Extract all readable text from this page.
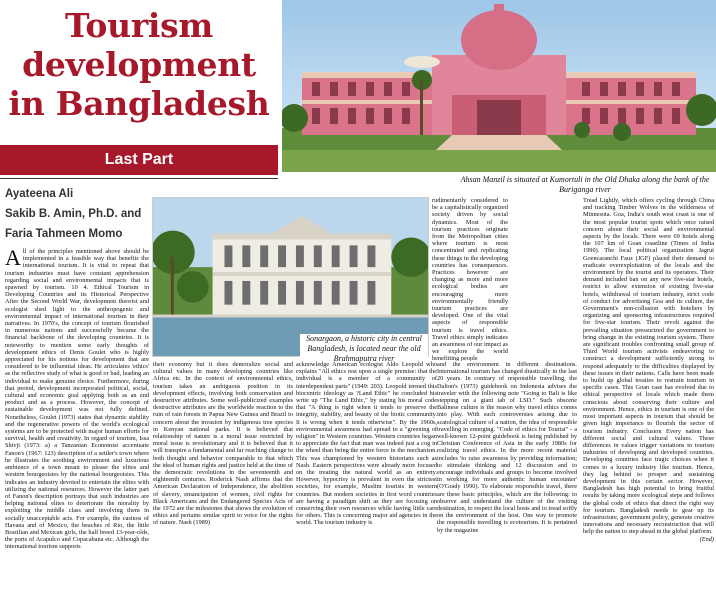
Tourism development in Bangladesh
Last Part
Ayateena Ali
Sakib B. Amin, Ph.D. and
Faria Tahmeen Momo
Ahsan Manzil is situated at Kumortuli in the Old Dhaka along the bank of the Buriganga river
Sonargaon, a historic city in central Bangladesh, is located near the old Brahmaputra river

All of the principles mentioned above should be implemented in a feasible way that benefits the international tourism. It is vital to repeat that tourism industries must have constant apprehension regarding social and environmental impacts that is spawned by tourism. 10 4. Ethical Tourism in Developing Countries and its Historical Perspective After the Second World War, development theorist and ecologist shed light to the anthropogenic and environmental impact of international tourism in their narratives. In 1970's, the concept of tourism flourished in numerous nations and successfully became the financial backbone of the developing countries. It is noteworthy to mention some early thoughts of development ethics of Denis Goulet who is highly appreciated for his notions for development that are considered to be influential ideas. He articulates 'ethics' as the reflective study of what is good or bad, leading an individual to make genuine choice. Furthermore, during that period, development incorporated political, social, cultural and economic goal applying both as an end product and as a process. However, the concept of sustainable development was not fully defined. Nonetheless, Goulet (1973) states that dynamic stability and the regenerative powers of the world's ecological systems are to be protected with major human efforts for survival, health and creativity. In regard of tourism, Issa Shivji (1973: a) a Tanzanian Economist accentuate Fanon's (1967: 123) description of a settler's town where he illustrates the soothing environment and luxurious ambience of a town meant to please the elites and western bourgeoisies by the national bourgeoisies. This indicates an industry devoted to entertain the elites with utilizing the national resources. However the latter part of Fanon's description portrays that such industries are helping national elites to deteriorate the morality by exploiting the middle class and involving them in socially unacceptable acts. For example, the casinos of Havana and of Mexico, the beaches of Rio, the little Brazilian and Mexican girls, the half breed 13-year-olds, the ports of Acapulco and Copacabana etc. Although the international tourism supports

their economy but it does demoralize social and cultural values in many developing countries like Africa etc. In the context of environmental ethics, tourism takes an ambiguous position in its development effects, involving both conservation and destructive attributes. Some well-publicized examples destructive attributes are the worldwide reaction to the ruin of rain forests in Papua New Guinea and Brazil to concern about the invasion by indigenous tree species in Kenyan national parks. It is believed that relationship of nature is a moral issue restricted by moral issue is revolutionary and it is believed that it will transpire a fundamental and far reaching change to both thought and behavior comparable to that which the ideal of human rights and justice held at the time of the democratic revolutions in the seventeenth and eighteenth centuries. Roderick Nash affirms that the American Declaration of Independence, the abolition of slavery, emancipation of women, civil rights for Black Americans and the Endangered Species Acts of the 1972 are the milestones that shows the evolution of ethics and pertains similar spirit to voice for the rights of nature. Nash (1989)

acknowledge American ecologist Aldo Leopold who explains "All ethics rest upon a single premise: that the individual is a member of a community of interdependent parts" (1949: 203). Leopold termed this biocentric ideology as ?Land Ethic" he concluded his write up "The Land Ethic," by stating his moral code that "A thing is right when it tends to preserve the integrity, stability, and beauty of the biotic community. It is wrong when it tends otherwise". By the 1960s, environmental awareness had spread to a "greening of religion" in Western countries. Western countries began to appreciate the fact that man was indeed just a cog in the wheel than being the entire force in the mechanism. This was championed by western historians such as Nash. Eastern perspectives were already more focused on the treating the natural world as an entirety. However, hypocrisy is prevalent in even the strictest societies, for example, Muslim tourists in western countries. But modern societies in first word countries are having a paradigm shift as they are focusing on conserving their own resources while having little care for others. This is concerning major aid agencies in the world. The tourism industry is

rudimentarily considered to be a capitalistically organized society driven by social dynamics. Most of the tourism practices originate from the Metropolitan cities where tourism is most concentrated and replicating these things in the developing countries has consequences. Practices however are changing as more and more ecological bodies are encouraging more environmentally friendly tourism practices are developed. One of the vital aspects of responsible tourism is travel ethics. Travel ethics simply indicates an awareness of our impact as we explore the world benefitting people

and the environment in different destinations. International tourism has changed drastically in the last 20 years. In contrary of responsible travelling, the Dalton's (1973) guidebook on Indonesia advises the traveler with the following note "Going to Bali is like stepping on a giant tab of LSD." Such obscene Balinese culture is the reason why travel ethics comes into play. With such controversies arising due to scatological culture of a nation, the idea of responsible travelling in emerging. "Code of ethics for Tourist" - a well-known 12-point guidebook is being published by Christian Conference of Asia in the early 1980s for realizing travel ethics. In the more recent material includes 'to raise awareness by providing information; to stimulate thinking and 12 discussion and to encourage individuals and groups to become involved in working for more authentic human encounter' (O'Grady 1990). To elaborate responsible travel, there are these basic principles, which are the following: to observe and understand the culture of the visiting destination, to respect the local hosts and to tread softly on the environment of the host. One way to promote the responsible travelling is ecotourism. It is pertained by the magazine

Tread Lightly, which offers cycling through China and tracking Timber Wolves in the wilderness of Minnesota. Goa, India's south west coast is one of the most popular tourist spots which once raised concern about their social and environmental aspects by the locals. There were 69 hotels along the 107 km of Goan coastline (Times of India 1990). The local political organization Jagrut Goencaranchi Fauz (JGF) placed their demand to eradicate overexploitation of the locals and the environment by the tourist and its operators. Their demand included ban on any new five-star hotels, restrict to allow extension of existing five-star hotels, withdrawal of tourism industry, strict code of conduct for advertising Goa and its culture, the Government's non-collusion with hoteliers by organizing and sponsoring infrastructures required for five-star tourism. Their revolt against the prevailing situation pressurized the government to bring change in the existing tourism system. There are significant troubles confronting small group of Third World tourism activists endeavoring to construct a development sufficiently strong to respond adequately to the difficulties displayed by these issues in their nations. Calls have been made to build up global treaties to restrain tourism in specific cases. This Goan case has evolved due to ethical perspective of locals which made them conscious about conserving their culture and environment. Hence, ethics in tourism is one of the most important aspects in tourism that should be given high importance to flourish the sector of tourism industry. Conclusion Every nation has different social and cultural values. These differences in values trigger variations in tourism industries of developing and developed countries. Developing countries face tragic choices when it comes to a luxury industry like tourism. Hence, they lag behind to prosper and sustaining development in this certain sector. However, Bangladesh has high potential to bring fruitful results by taking more ecological steps and follows the global code of ethics that direct the right way for tourism. Bangladesh needs to gear up its infrastructure, government policy, generate creative innovations and necessary reconstruction that will help the nation to step ahead in the global platform.
(End)
